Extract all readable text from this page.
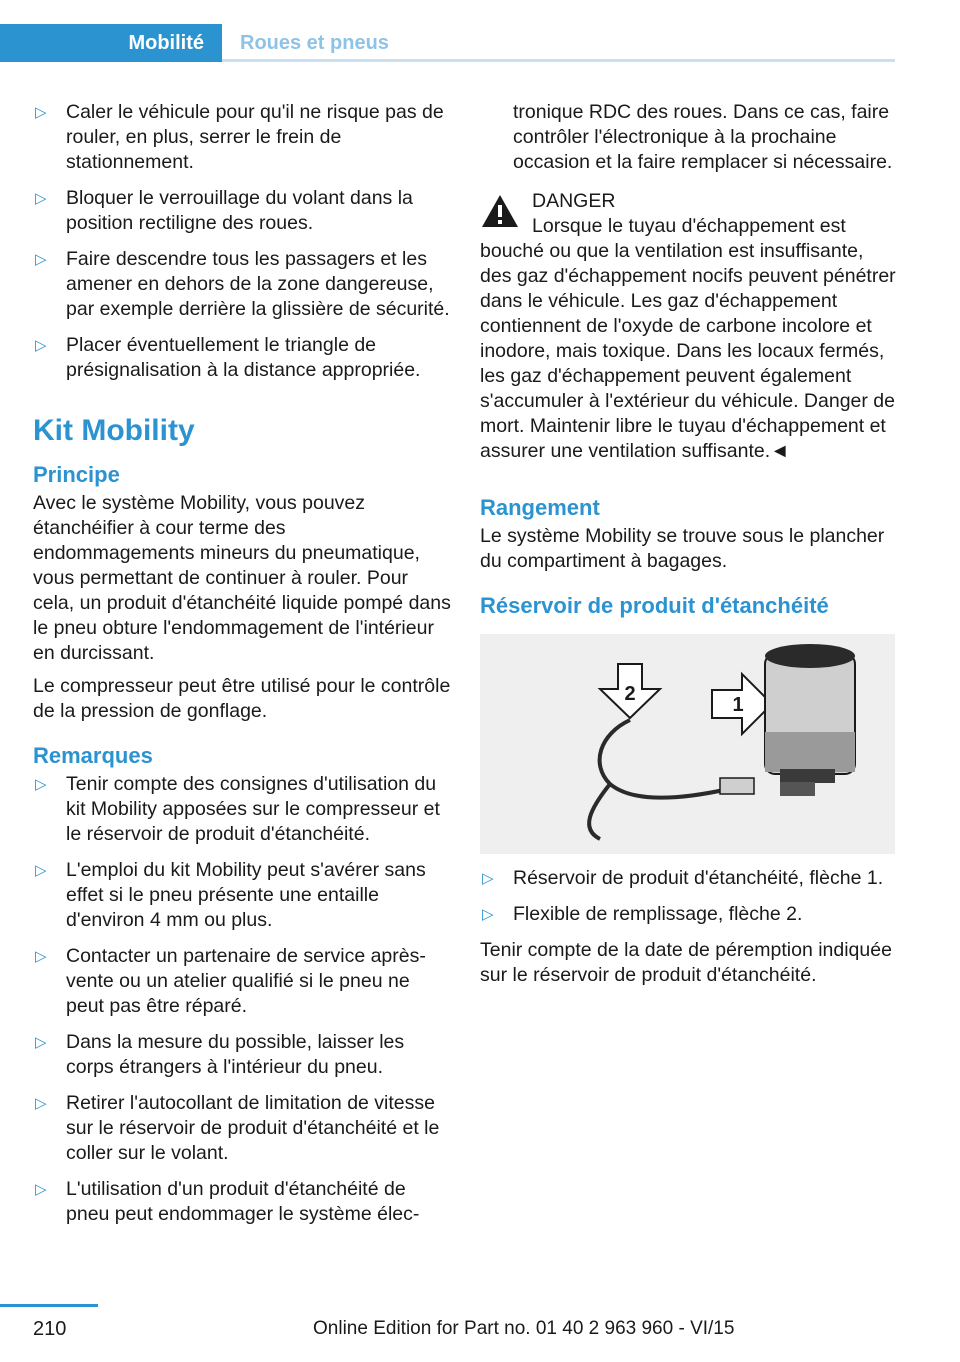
Mobilité	Roues et pneus
▷ Caler le véhicule pour qu'il ne risque pas de rouler, en plus, serrer le frein de stationnement.
▷ Bloquer le verrouillage du volant dans la position rectiligne des roues.
▷ Faire descendre tous les passagers et les amener en dehors de la zone dangereuse, par exemple derrière la glissière de sécurité.
▷ Placer éventuellement le triangle de présignalisation à la distance appropriée.
Kit Mobility
Principe

Avec le système Mobility, vous pouvez étanchéifier à cour terme des endommagements mineurs du pneumatique, vous permettant de continuer à rouler. Pour cela, un produit d'étanchéité liquide pompé dans le pneu obture l'endommagement de l'intérieur en durcissant.

Le compresseur peut être utilisé pour le contrôle de la pression de gonflage.

Remarques
▷ Tenir compte des consignes d'utilisation du kit Mobility apposées sur le compresseur et le réservoir de produit d'étanchéité.
▷ L'emploi du kit Mobility peut s'avérer sans effet si le pneu présente une entaille d'environ 4 mm ou plus.
▷ Contacter un partenaire de service après-vente ou un atelier qualifié si le pneu ne peut pas être réparé.
▷ Dans la mesure du possible, laisser les corps étrangers à l'intérieur du pneu.
▷ Retirer l'autocollant de limitation de vitesse sur le réservoir de produit d'étanchéité et le coller sur le volant.
▷ L'utilisation d'un produit d'étanchéité de pneu peut endommager le système élec-
tronique RDC des roues. Dans ce cas, faire contrôler l'électronique à la prochaine occasion et la faire remplacer si nécessaire.
DANGER
Lorsque le tuyau d'échappement est bouché ou que la ventilation est insuffisante, des gaz d'échappement nocifs peuvent pénétrer dans le véhicule. Les gaz d'échappement contiennent de l'oxyde de carbone incolore et inodore, mais toxique. Dans les locaux fermés, les gaz d'échappement peuvent également s'accumuler à l'extérieur du véhicule. Danger de mort. Maintenir libre le tuyau d'échappement et assurer une ventilation suffisante.◄
Rangement

Le système Mobility se trouve sous le plancher du compartiment à bagages.

Réservoir de produit d'étanchéité
2	1
▷ Réservoir de produit d'étanchéité, flèche 1.
▷ Flexible de remplissage, flèche 2.

Tenir compte de la date de péremption indiquée sur le réservoir de produit d'étanchéité.

210	Online Edition for Part no. 01 40 2 963 960 - VI/15
